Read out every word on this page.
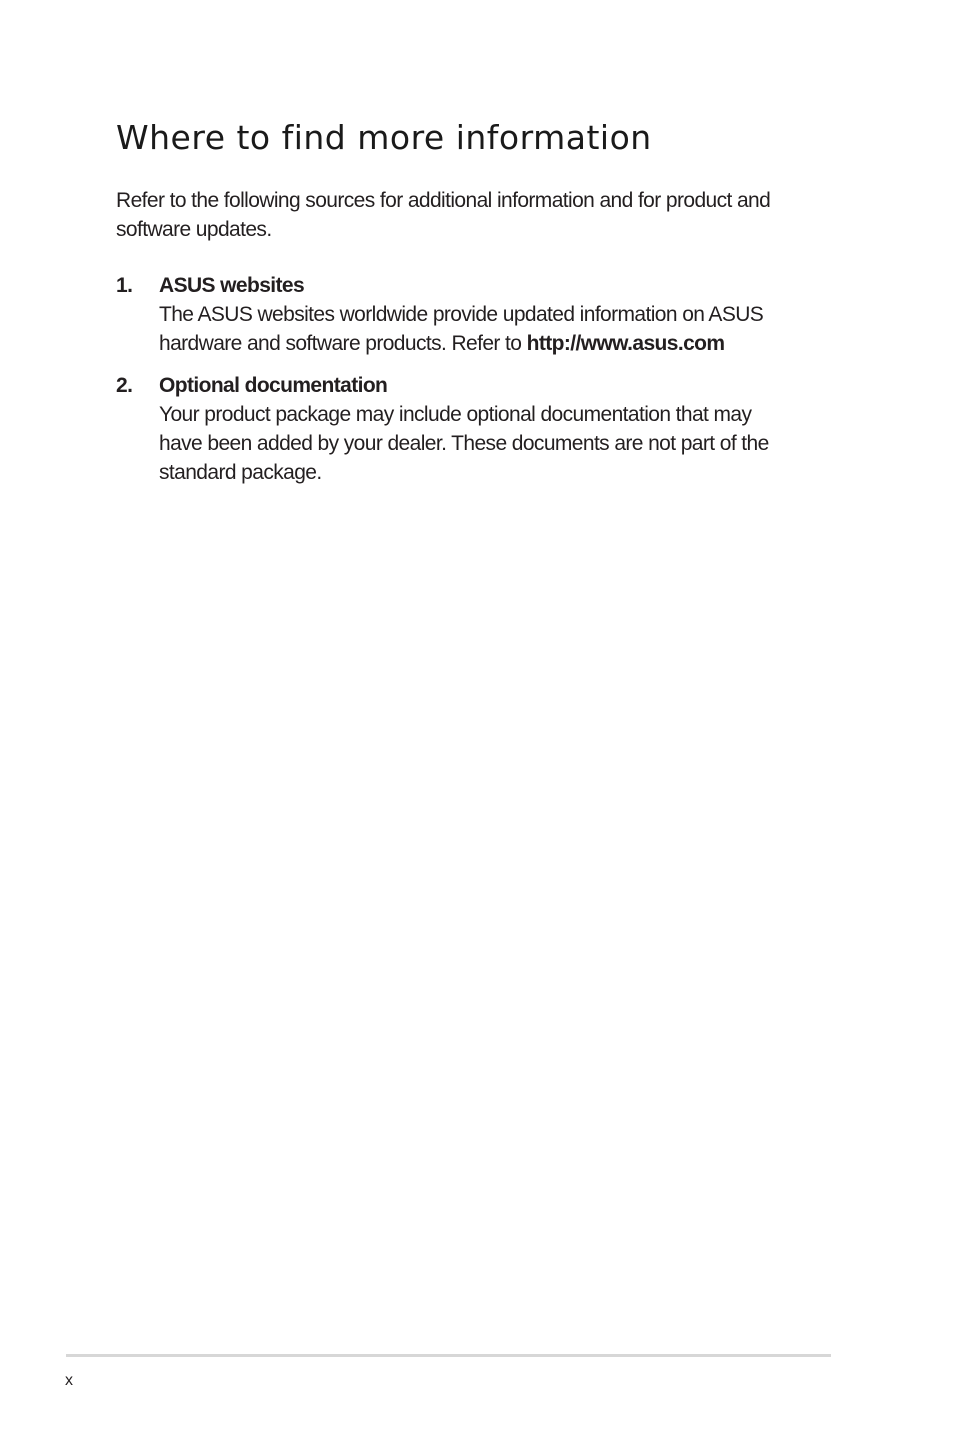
Where to find more information

Refer to the following sources for additional information and for product and software updates.

1. ASUS websites
The ASUS websites worldwide provide updated information on ASUS hardware and software products. Refer to http://www.asus.com
2. Optional documentation
Your product package may include optional documentation that may have been added by your dealer. These documents are not part of the standard package.
x
